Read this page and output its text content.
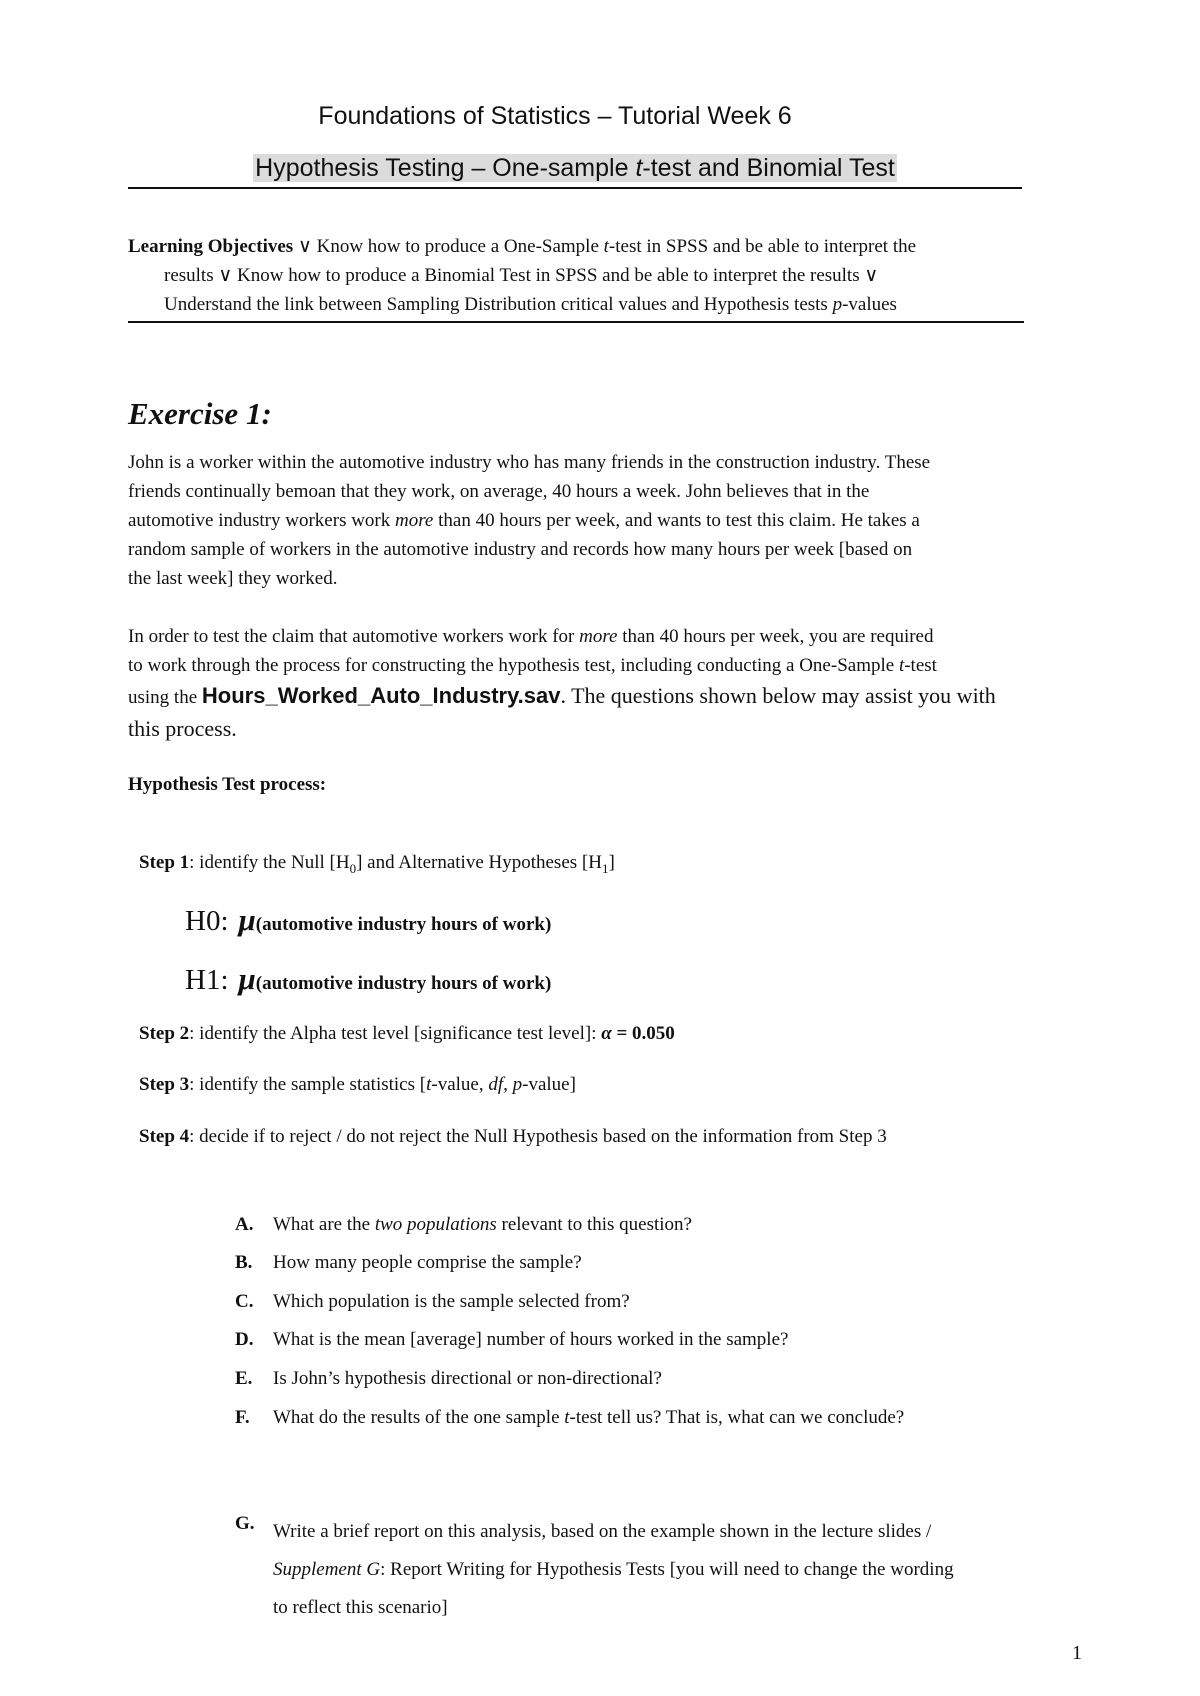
Foundations of Statistics – Tutorial Week 6
Hypothesis Testing – One-sample t-test and Binomial Test
Learning Objectives ∨ Know how to produce a One-Sample t-test in SPSS and be able to interpret the
results ∨ Know how to produce a Binomial Test in SPSS and be able to interpret the results ∨
Understand the link between Sampling Distribution critical values and Hypothesis tests p-values
Exercise 1:
John is a worker within the automotive industry who has many friends in the construction industry. These
friends continually bemoan that they work, on average, 40 hours a week. John believes that in the
automotive industry workers work more than 40 hours per week, and wants to test this claim. He takes a
random sample of workers in the automotive industry and records how many hours per week [based on
the last week] they worked.
In order to test the claim that automotive workers work for more than 40 hours per week, you are required
to work through the process for constructing the hypothesis test, including conducting a One-Sample t-test
using the Hours_Worked_Auto_Industry.sav. The questions shown below may assist you with
this process.
Hypothesis Test process:
Step 1: identify the Null $[H_0]$ and Alternative Hypotheses $[H_1]$
H0: μ(automotive industry hours of work)
H1: μ(automotive industry hours of work)
Step 2: identify the Alpha test level [significance test level]: α = 0.050
Step 3: identify the sample statistics [t-value, df, p-value]
Step 4: decide if to reject / do not reject the Null Hypothesis based on the information from Step 3
A. What are the two populations relevant to this question?
B. How many people comprise the sample?
C. Which population is the sample selected from?
D. What is the mean [average] number of hours worked in the sample?
E. Is John’s hypothesis directional or non-directional?
F. What do the results of the one sample t-test tell us? That is, what can we conclude?
G. Write a brief report on this analysis, based on the example shown in the lecture slides /
Supplement G: Report Writing for Hypothesis Tests [you will need to change the wording
to reflect this scenario]
1
